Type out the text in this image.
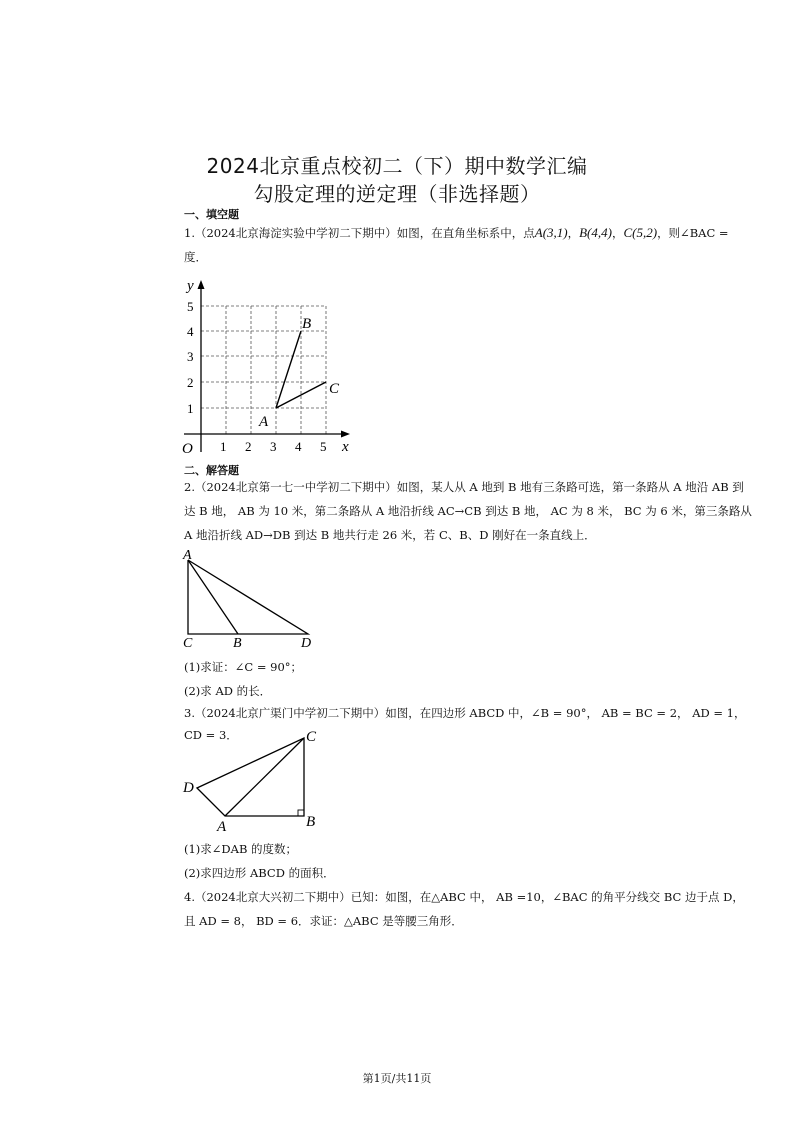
2024北京重点校初二（下）期中数学汇编
勾股定理的逆定理（非选择题）
一、填空题
1.（2024北京海淀实验中学初二下期中）如图，在直角坐标系中，点A(3,1)，B(4,4)，C(5,2)，则∠BAC =
度．
y
x
O 1 2 3 4 5
1
2
3
4
5
A
B
C
二、解答题
2.（2024北京第一七一中学初二下期中）如图，某人从 A 地到 B 地有三条路可选，第一条路从 A 地沿 AB 到
达 B 地， AB 为 10 米，第二条路从 A 地沿折线 AC→CB 到达 B 地， AC 为 8 米， BC 为 6 米，第三条路从
A 地沿折线 AD→DB 到达 B 地共行走 26 米，若 C、B、D 刚好在一条直线上．
A
C	B	D
(1)求证：∠C = 90°；
(2)求 AD 的长．
3.（2024北京广渠门中学初二下期中）如图，在四边形 ABCD 中，∠B = 90°， AB = BC = 2， AD = 1， CD = 3．
D
A	B
C
(1)求∠DAB 的度数；
(2)求四边形 ABCD 的面积．
4.（2024北京大兴初二下期中）已知：如图，在△ABC 中， AB =10，∠BAC 的角平分线交 BC 边于点 D，
且 AD = 8， BD = 6．求证：△ABC 是等腰三角形．
第1页/共11页
